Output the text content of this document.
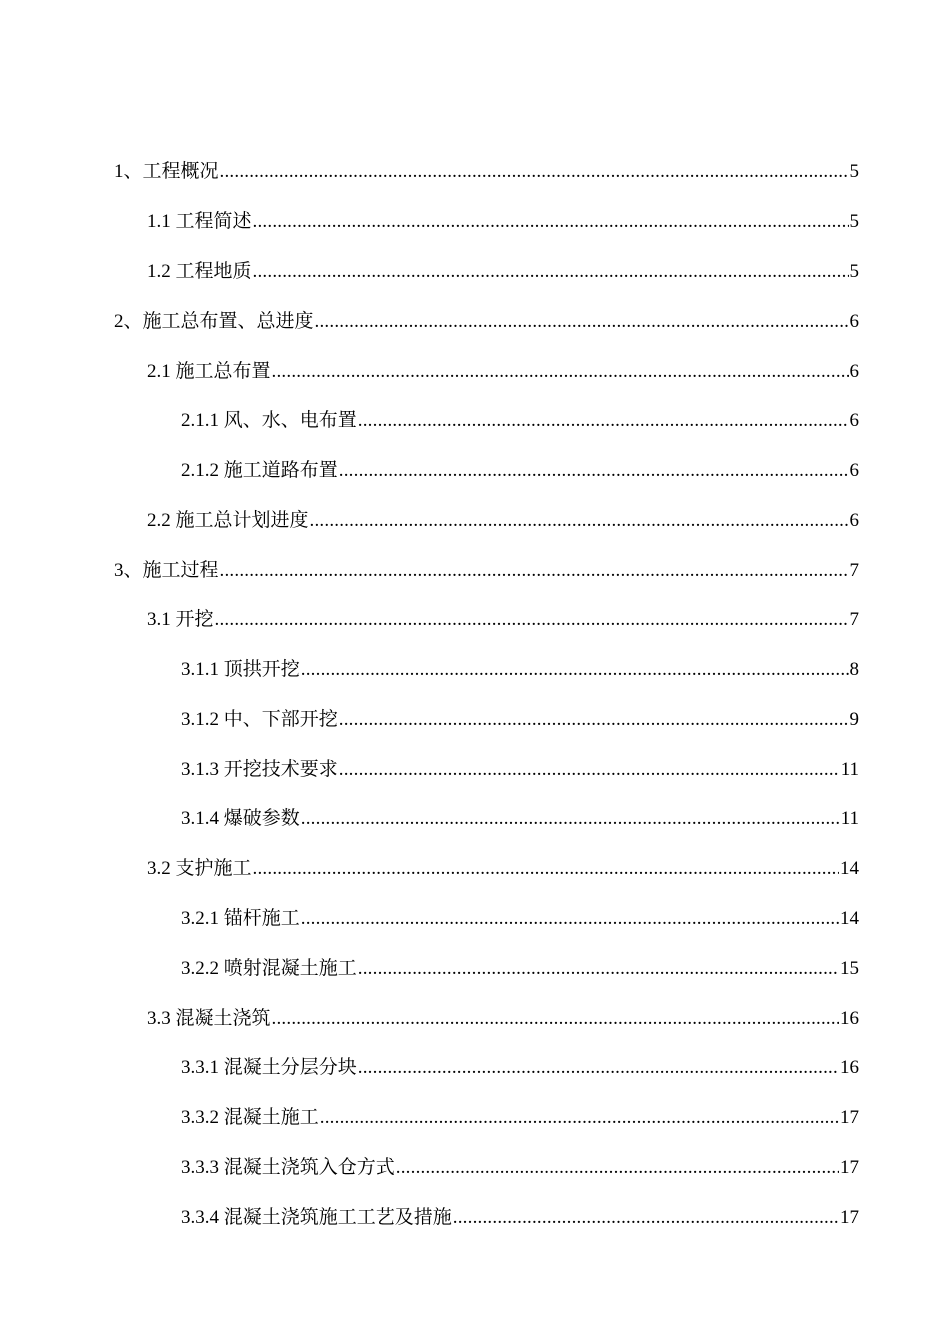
1、工程概况 .....	5
1.1 工程简述 .....	5
1.2 工程地质 .....	5
2、施工总布置、总进度 .....	6
2.1 施工总布置 .....	6
2.1.1 风、水、电布置 .....	6
2.1.2 施工道路布置 .....	6
2.2 施工总计划进度 .....	6
3、施工过程 .....	7
3.1 开挖 .....	7
3.1.1 顶拱开挖 .....	8
3.1.2 中、下部开挖 .....	9
3.1.3 开挖技术要求 .....	11
3.1.4 爆破参数 .....	11
3.2 支护施工 .....	14
3.2.1 锚杆施工 .....	14
3.2.2 喷射混凝土施工 .....	15
3.3 混凝土浇筑 .....	16
3.3.1 混凝土分层分块 .....	16
3.3.2 混凝土施工 .....	17
3.3.3 混凝土浇筑入仓方式 .....	17
3.3.4 混凝土浇筑施工工艺及措施 .....	17
